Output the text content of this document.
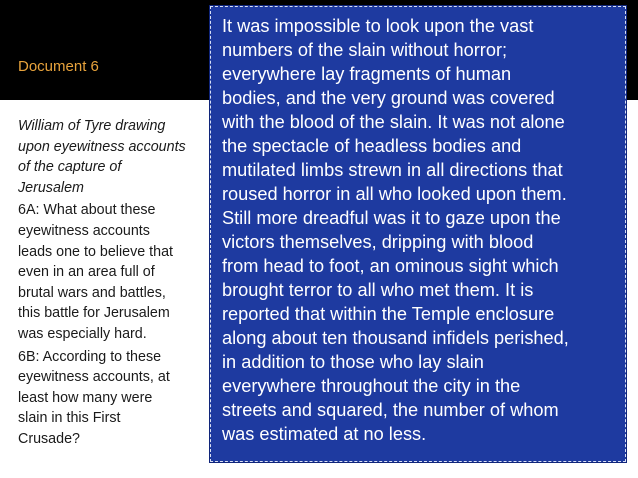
Document 6

William of Tyre drawing
upon eyewitness accounts
of the capture of
Jerusalem

6A: What about these
eyewitness accounts
leads one to believe that
even in an area full of
brutal wars and battles,
this battle for Jerusalem
was especially hard.

6B: According to these
eyewitness accounts, at
least how many were
slain in this First
Crusade?

It was impossible to look upon the vast
numbers of the slain without horror;
everywhere lay fragments of human
bodies, and the very ground was covered
with the blood of the slain. It was not alone
the spectacle of headless bodies and
mutilated limbs strewn in all directions that
roused horror in all who looked upon them.
Still more dreadful was it to gaze upon the
victors themselves, dripping with blood
from head to foot, an ominous sight which
brought terror to all who met them. It is
reported that within the Temple enclosure
along about ten thousand infidels perished,
in addition to those who lay slain
everywhere throughout the city in the
streets and squared, the number of whom
was estimated at no less.
